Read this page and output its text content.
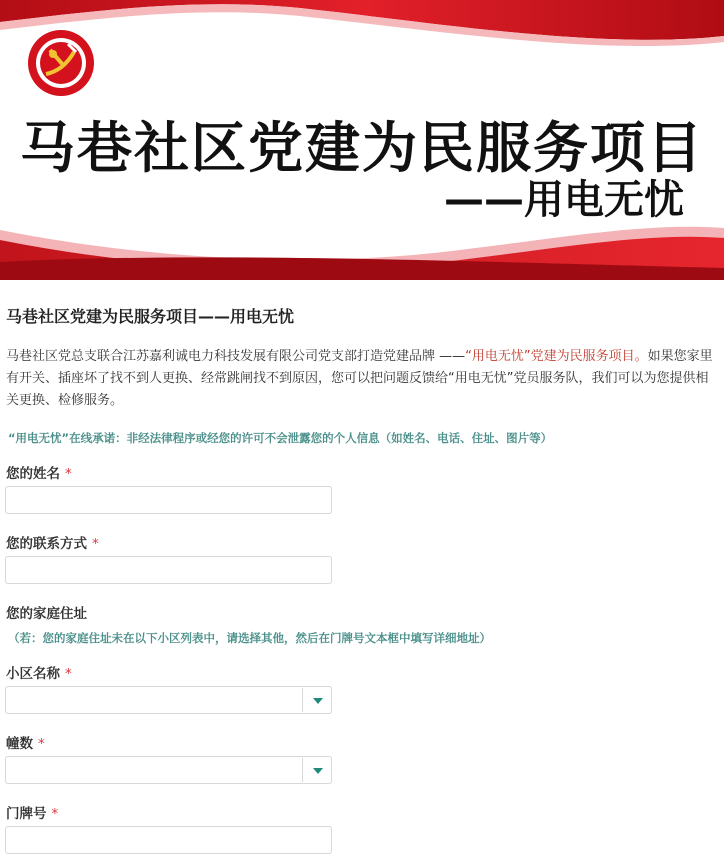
马巷社区党建为民服务项目
——用电无忧
马巷社区党建为民服务项目——用电无忧
马巷社区党总支联合江苏嘉利诚电力科技发展有限公司党支部打造党建品牌 ——“用电无忧”党建为民服务项目。如果您家里有开关、插座坏了找不到人更换、经常跳闸找不到原因，您可以把问题反馈给“用电无忧”党员服务队，我们可以为您提供相关更换、检修服务。
“用电无忧”在线承诺：非经法律程序或经您的许可不会泄露您的个人信息（如姓名、电话、住址、图片等）
您的姓名 *
您的联系方式 *
您的家庭住址
（若：您的家庭住址未在以下小区列表中，请选择其他，然后在门牌号文本框中填写详细地址）
小区名称 *
幢数 *
门牌号 *
